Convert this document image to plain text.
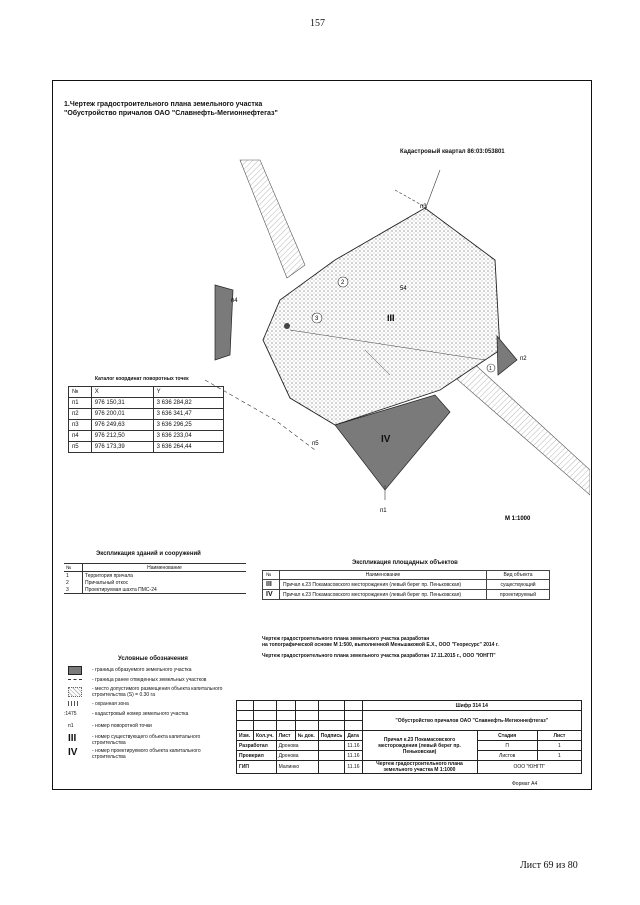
157
1.Чертеж градостроительного плана земельного участка
"Обустройство причалов ОАО "Славнефть-Мегионнефтегаз"
Кадастровый квартал 86:03:053801
2
3
1
54
III
IV
п3
п4
п2
п5
п1
М 1:1000
Каталог координат поворотных точек
№	X	Y
п1	976 150,31	3 636 284,82
п2	976 200,01	3 636 341,47
п3	976 249,63	3 636 296,25
п4	976 212,50	3 636 233,04
п5	976 173,39	3 636 264,44
Экспликация зданий и сооружений
№	Наименование
1	Территория причала
2	Причальный откос
3	Проектируемая шахта ПМС-24
Экспликация площадных объектов
№	Наименование	Вид объекта
III	Причал к.23 Покамасовского месторождения (левый берег пр. Пеньковская)	существующий
IV	Причал к.23 Покамасовского месторождения (левый берег пр. Пеньковская)	проектируемый
Чертеж градостроительного плана земельного участка разработан
на топографической основе М 1:500, выполненной Меньшаковой Е.Х., ООО "Георесурс" 2014 г.
Чертеж градостроительного плана земельного участка разработан 17.11.2015 г., ООО "ЮНГП"
Условные обозначения
- граница образуемого земельного участка
- граница ранее отведенных земельных участков
- место допустимого размещения объекта капитального строительства (S) = 0.30 га
- охранная зона
:1475	- кадастровый номер земельного участка
п1	- номер поворотной точки
III	- номер существующего объекта капитального строительства
IV	- номер проектируемого объекта капитального строительства
						Шифр 314 14		
						"Обустройство причалов ОАО "Славнефть-Мегионнефтегаз"		

Изм.	Кол.уч.	Лист	№ док.	Подпись	Дата	Причал к.23 Покамасовского месторождения (левый берег пр. Пеньковская)	Стадия	Лист
Разработал		Дронова			11.16		П	1
Проверил		Дронова			11.16		Листов	1
ГИП		Малинко			11.16	Чертеж градостроительного плана земельного участка М 1:1000	ООО "ЮНГП"	
Формат А4
Лист 69 из 80
